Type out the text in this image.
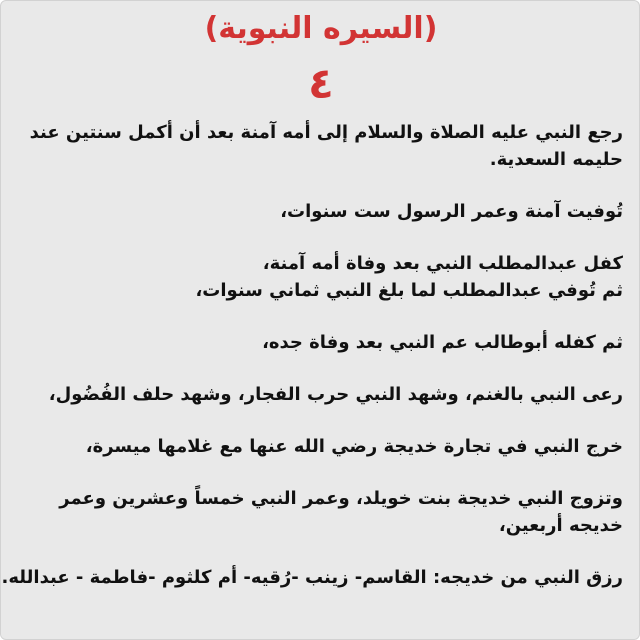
(السيره النبوية)
٤
رجع النبي عليه الصلاة والسلام إلى أمه آمنة بعد أن أكمل سنتين عند
حليمه السعدية.
تُوفيت آمنة وعمر الرسول ست سنوات،
كفل عبدالمطلب النبي بعد وفاة أمه آمنة،
ثم تُوفي عبدالمطلب لما بلغ النبي ثماني سنوات،
ثم كفله أبوطالب عم النبي بعد وفاة جده،
رعى النبي بالغنم، وشهد النبي حرب الفجار، وشهد حلف الفُضُول،
خرج النبي في تجارة خديجة رضي الله عنها مع غلامها ميسرة،
وتزوج النبي خديجة بنت خويلد، وعمر النبي خمساً وعشرين وعمر
خديجه أربعين،
رزق النبي من خديجه: القاسم- زينب -رُقيه- أم كلثوم -فاطمة - عبدالله.
